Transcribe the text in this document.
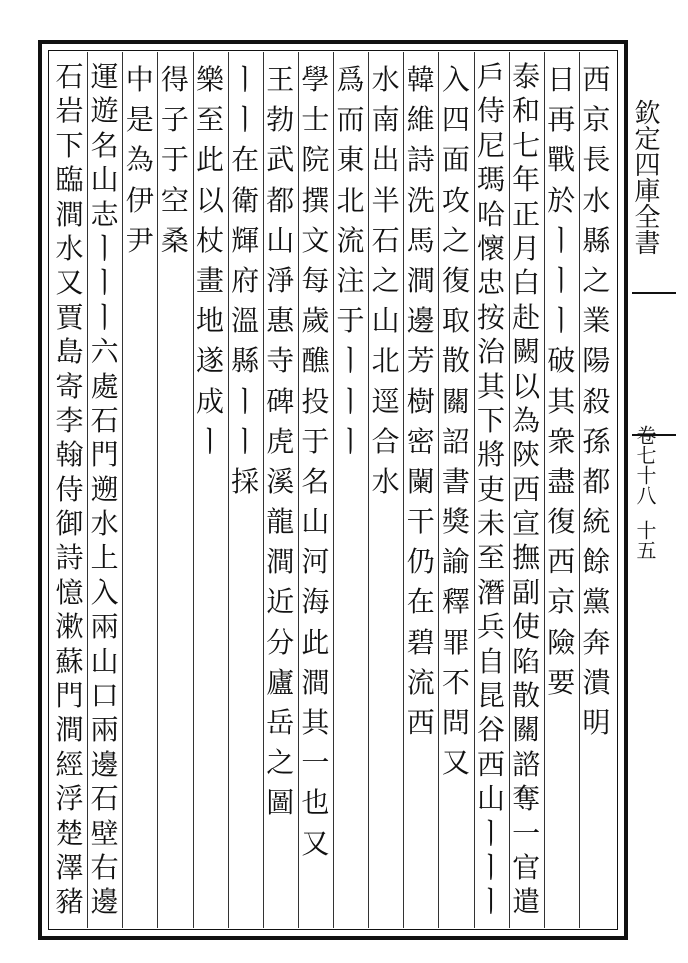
欽定四庫全書
卷七十八
十五
西
京
長
水
縣
之
業
陽
殺
孫
都
統
餘
黨
奔
潰
明
日
再
戰
於
ㅣ
ㅣ
ㅣ
破
其
衆
盡
復
西
京
險
要
泰
和
七
年
正
月
白
赴
闕
以
為
陝
西
宣
撫
副
使
陷
散
關
諮
奪
一
官
遣
戶
侍
尼
瑪
哈
懷
忠
按
治
其
下
將
吏
未
至
潛
兵
自
昆
谷
西
山
ㅣ
ㅣ
ㅣ
入
四
面
攻
之
復
取
散
關
詔
書
獎
諭
釋
罪
不
問
又
韓
維
詩
洗
馬
澗
邊
芳
樹
密
闌
干
仍
在
碧
流
西
水
南
出
半
石
之
山
北
逕
合
水
爲
而
東
北
流
注
于
ㅣ
ㅣ
ㅣ
學
士
院
撰
文
每
歲
醮
投
于
名
山
河
海
此
澗
其
一
也
又
王
勃
武
都
山
淨
惠
寺
碑
虎
溪
龍
澗
近
分
廬
岳
之
圖
ㅣ
ㅣ
在
衛
輝
府
溫
縣
ㅣ
ㅣ
採
樂
至
此
以
杖
畫
地
遂
成
ㅣ
得
子
于
空
桑
中
是
為
伊
尹
運
遊
名
山
志
ㅣ
ㅣ
ㅣ
六
處
石
門
遡
水
上
入
兩
山
口
兩
邊
石
壁
右
邊
石
岩
下
臨
澗
水
又
賈
島
寄
李
翰
侍
御
詩
憶
漱
蘇
門
澗
經
浮
楚
澤
豬
